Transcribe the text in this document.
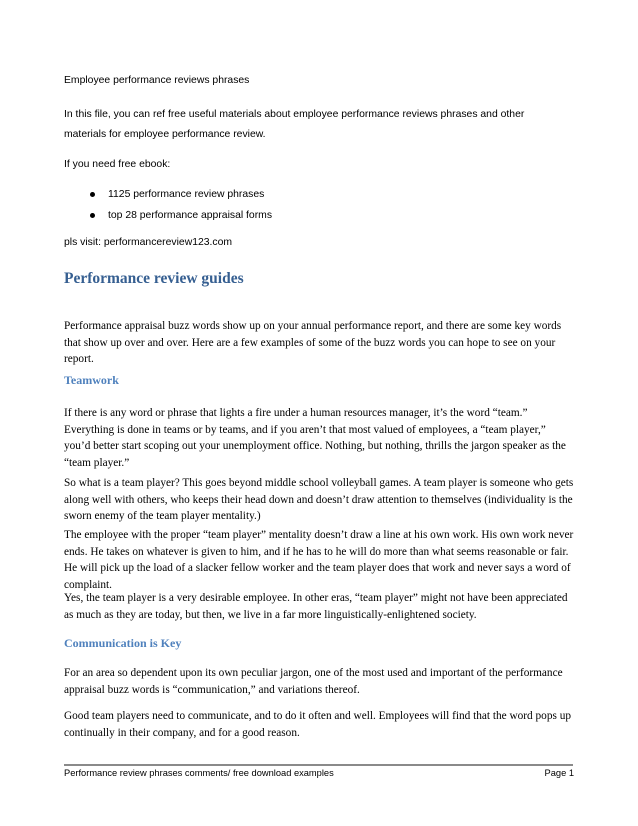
Employee performance reviews phrases

In this file, you can ref free useful materials about employee performance reviews phrases and other

materials for employee performance review.

If you need free ebook:

1125 performance review phrases
top 28 performance appraisal forms

pls visit: performancereview123.com

Performance review guides

Performance appraisal buzz words show up on your annual performance report, and there are some key words that show up over and over. Here are a few examples of some of the buzz words you can hope to see on your report.

Teamwork

If there is any word or phrase that lights a fire under a human resources manager, it’s the word “team.” Everything is done in teams or by teams, and if you aren’t that most valued of employees, a “team player,” you’d better start scoping out your unemployment office. Nothing, but nothing, thrills the jargon speaker as the “team player.”

So what is a team player? This goes beyond middle school volleyball games. A team player is someone who gets along well with others, who keeps their head down and doesn’t draw attention to themselves (individuality is the sworn enemy of the team player mentality.)

The employee with the proper “team player” mentality doesn’t draw a line at his own work. His own work never ends. He takes on whatever is given to him, and if he has to he will do more than what seems reasonable or fair. He will pick up the load of a slacker fellow worker and the team player does that work and never says a word of complaint.

Yes, the team player is a very desirable employee. In other eras, “team player” might not have been appreciated as much as they are today, but then, we live in a far more linguistically-enlightened society.

Communication is Key

For an area so dependent upon its own peculiar jargon, one of the most used and important of the performance appraisal buzz words is “communication,” and variations thereof.

Good team players need to communicate, and to do it often and well. Employees will find that the word pops up continually in their company, and for a good reason.

Performance review phrases comments/ free download examples	Page 1
